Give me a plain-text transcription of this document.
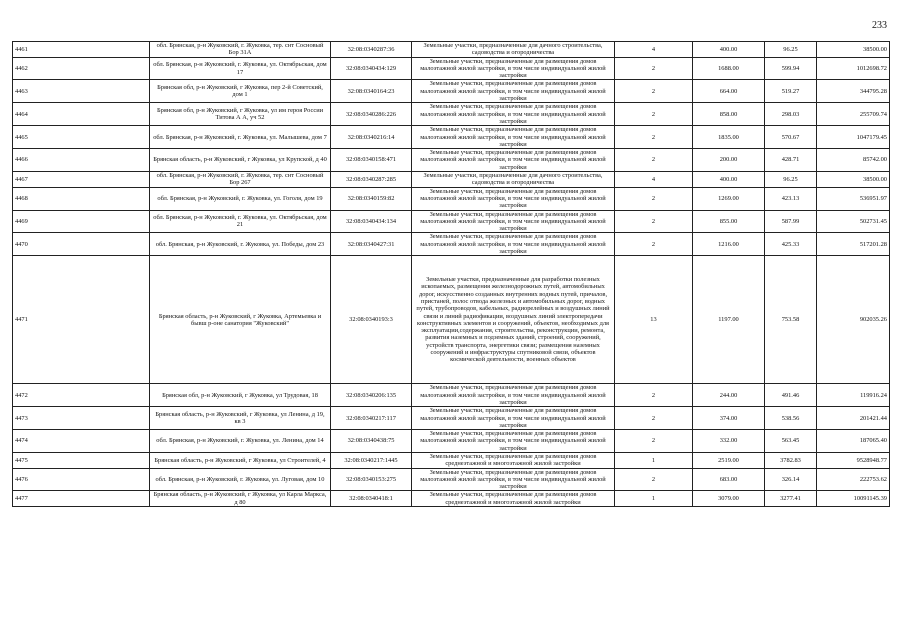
233
4461	обл. Брянская, р-н Жуковский, г. Жуковка, тер. снт Сосновый Бор 31А	32:08:0340287:36	Земельные участки, предназначенные для дачного строительства, садоводства и огородничества	4	400.00	96.25	38500.00
4462	обл. Брянская, р-н Жуковский, г. Жуковка, ул. Октябрьская, дом 17	32:08:0340434:129	Земельные участки, предназначенные для размещения домов малоэтажной жилой застройки, в том числе индивидуальной жилой застройки	2	1688.00	599.94	1012698.72
4463	Брянская обл, р-н Жуковский, г Жуковка, пер 2-й Советский, дом 1	32:08:0340164:23	Земельные участки, предназначенные для размещения домов малоэтажной жилой застройки, в том числе индивидуальной жилой застройки	2	664.00	519.27	344795.28
4464	Брянская обл, р-н Жуковский, г Жуковка, ул им героя России Титова А А, уч 52	32:08:0340286:226	Земельные участки, предназначенные для размещения домов малоэтажной жилой застройки, в том числе индивидуальной жилой застройки	2	858.00	298.03	255709.74
4465	обл. Брянская, р-н Жуковский, г. Жуковка, ул. Малышева, дом 7	32:08:0340216:14	Земельные участки, предназначенные для размещения домов малоэтажной жилой застройки, в том числе индивидуальной жилой застройки	2	1835.00	570.67	1047179.45
4466	Брянская область, р-н Жуковский, г Жуковка, ул Крупской, д 40	32:08:0340158:471	Земельные участки, предназначенные для размещения домов малоэтажной жилой застройки, в том числе индивидуальной жилой застройки	2	200.00	428.71	85742.00
4467	обл. Брянская, р-н Жуковский, г. Жуковка, тер. снт Сосновый Бор 267	32:08:0340287:285	Земельные участки, предназначенные для дачного строительства, садоводства и огородничества	4	400.00	96.25	38500.00
4468	обл. Брянская, р-н Жуковский, г. Жуковка, ул. Гоголя, дом 19	32:08:0340159:82	Земельные участки, предназначенные для размещения домов малоэтажной жилой застройки, в том числе индивидуальной жилой застройки	2	1269.00	423.13	536951.97
4469	обл. Брянская, р-н Жуковский, г. Жуковка, ул. Октябрьская, дом 21	32:08:0340434:134	Земельные участки, предназначенные для размещения домов малоэтажной жилой застройки, в том числе индивидуальной жилой застройки	2	855.00	587.99	502731.45
4470	обл. Брянская, р-н Жуковский, г. Жуковка, ул. Победы, дом 23	32:08:0340427:31	Земельные участки, предназначенные для размещения домов малоэтажной жилой застройки, в том числе индивидуальной жилой застройки	2	1216.00	425.33	517201.28
4471	Брянская область, р-н Жуковский, г Жуковка, Артемьевка и бывш р-оне санатория "Жуковский"	32:08:0340193:3	Земельные участки, предназначенные для разработки полезных ископаемых, размещения железнодорожных путей, автомобильных дорог, искусственно созданных внутренних водных путей, причалов, пристаней, полос отвода железных и автомобильных дорог, водных путей, трубопроводов, кабельных, радиорелейных и воздушных линий связи и линий радиофикации, воздушных линий электропередачи конструктивных элементов и сооружений, объектов, необходимых для эксплуатации,содержания, строительства, реконструкции, ремонта, развития наземных и подземных зданий, строений, сооружений, устройств транспорта, энергетики связи; размещения наземных сооружений и инфраструктуры спутниковой связи, объектов космической деятельности, военных объектов	13	1197.00	753.58	902035.26
4472	Брянская обл, р-н Жуковский, г Жуковка, ул Трудовая, 18	32:08:0340206:135	Земельные участки, предназначенные для размещения домов малоэтажной жилой застройки, в том числе индивидуальной жилой застройки	2	244.00	491.46	119916.24
4473	Брянская область, р-н Жуковский, г Жуковка, ул Ленина, д 19, кв 3	32:08:0340217:117	Земельные участки, предназначенные для размещения домов малоэтажной жилой застройки, в том числе индивидуальной жилой застройки	2	374.00	538.56	201421.44
4474	обл. Брянская, р-н Жуковский, г. Жуковка, ул. Ленина, дом 14	32:08:0340438:75	Земельные участки, предназначенные для размещения домов малоэтажной жилой застройки, в том числе индивидуальной жилой застройки	2	332.00	563.45	187065.40
4475	Брянская область, р-н Жуковский, г Жуковка, ул Строителей, 4	32:08:0340217:1445	Земельные участки, предназначенные для размещения домов среднеэтажной и многоэтажной жилой застройки	1	2519.00	3782.83	9528948.77
4476	обл. Брянская, р-н Жуковский, г. Жуковка, ул. Луговая, дом 10	32:08:0340153:275	Земельные участки, предназначенные для размещения домов малоэтажной жилой застройки, в том числе индивидуальной жилой застройки	2	683.00	326.14	222753.62
4477	Брянская область, р-н Жуковский, г Жуковка, ул Карла Маркса, д 80	32:08:0340418:1	Земельные участки, предназначенные для размещения домов среднеэтажной и многоэтажной жилой застройки	1	3079.00	3277.41	10091145.39
